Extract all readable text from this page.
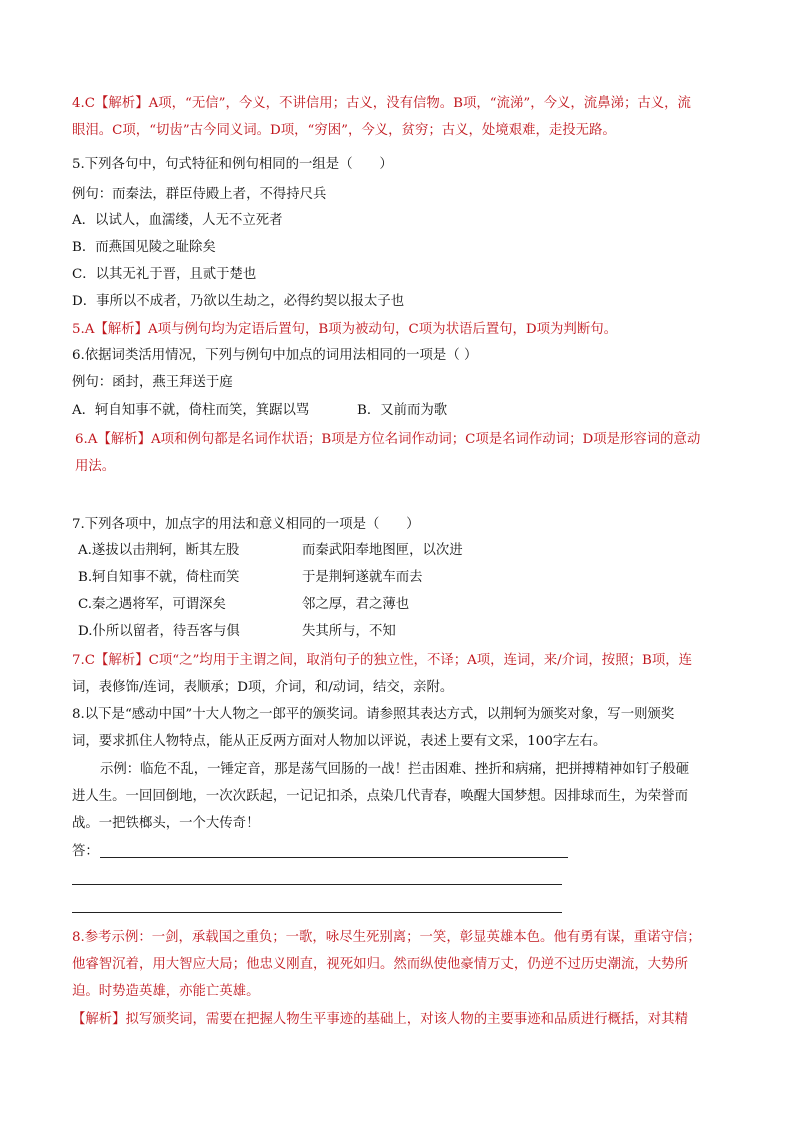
4.C【解析】A项，“无信”，今义，不讲信用；古义，没有信物。B项，“流涕”，今义，流鼻涕；古义，流
眼泪。C项，“切齿”古今同义词。D项，“穷困”，今义，贫穷；古义，处境艰难，走投无路。
5.下列各句中，句式特征和例句相同的一组是（　　）
例句：而秦法，群臣侍殿上者，不得持尺兵
A．以试人，血濡缕，人无不立死者
B．而燕国见陵之耻除矣
C．以其无礼于晋，且贰于楚也
D．事所以不成者，乃欲以生劫之，必得约契以报太子也
5.A【解析】A项与例句均为定语后置句，B项为被动句，C项为状语后置句，D项为判断句。
6.依据词类活用情况，下列与例句中加点的词用法相同的一项是（ ）
例句：函封，燕王拜送于庭
A．轲自知事不就，倚柱而笑，箕踞以骂	B．又前而为歌
6.A【解析】A项和例句都是名词作状语；B项是方位名词作动词；C项是名词作动词；D项是形容词的意动
用法。
7.下列各项中，加点字的用法和意义相同的一项是（　　）
A.遂拔以击荆轲，断其左股	而秦武阳奉地图匣，以次进
B.轲自知事不就，倚柱而笑	于是荆轲遂就车而去
C.秦之遇将军，可谓深矣	邻之厚，君之薄也
D.仆所以留者，待吾客与俱	失其所与，不知
7.C【解析】C项“之”均用于主谓之间，取消句子的独立性，不译；A项，连词，来/介词，按照；B项，连
词，表修饰/连词，表顺承；D项，介词，和/动词，结交，亲附。
8.以下是“感动中国”十大人物之一郎平的颁奖词。请参照其表达方式，以荆轲为颁奖对象，写一则颁奖
词，要求抓住人物特点，能从正反两方面对人物加以评说，表述上要有文采，100字左右。
示例：临危不乱，一锤定音，那是荡气回肠的一战！拦击困难、挫折和病痛，把拼搏精神如钉子般砸
进人生。一回回倒地，一次次跃起，一记记扣杀，点染几代青春，唤醒大国梦想。因排球而生，为荣誉而
战。一把铁榔头，一个大传奇！
答：
8.参考示例：一剑，承载国之重负；一歌，咏尽生死别离；一笑，彰显英雄本色。他有勇有谋，重诺守信；
他睿智沉着，用大智应大局；他忠义刚直，视死如归。然而纵使他豪情万丈，仍逆不过历史潮流，大势所
迫。时势造英雄，亦能亡英雄。
【解析】拟写颁奖词，需要在把握人物生平事迹的基础上，对该人物的主要事迹和品质进行概括，对其精
